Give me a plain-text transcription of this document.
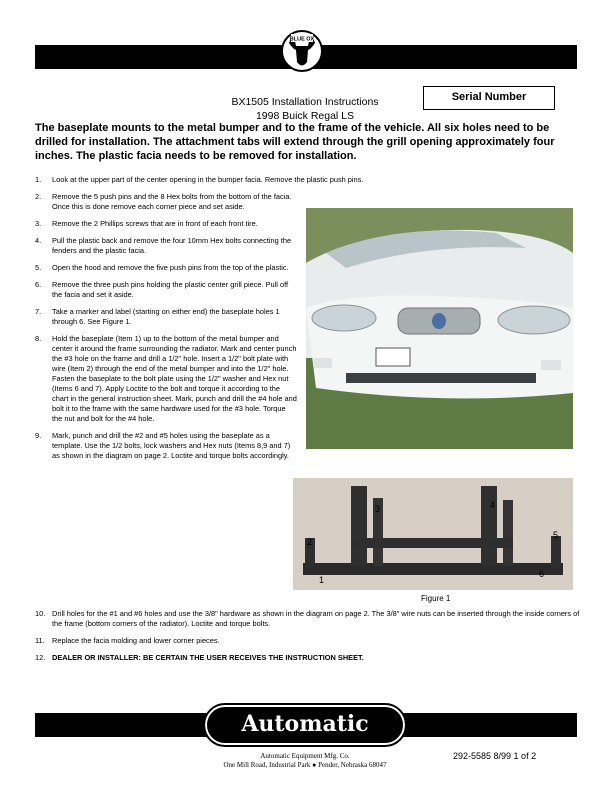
BLUE OX
BX1505 Installation Instructions
1998 Buick Regal LS
Serial Number
The baseplate mounts to the metal bumper and to the frame of the vehicle. All six holes need to be drilled for installation. The attachment tabs will extend through the grill opening approximately four inches. The plastic facia needs to be removed for installation.
1.	Look at the upper part of the center opening in the bumper facia. Remove the plastic push pins.
2.	Remove the 5 push pins and the 8 Hex bolts from the bottom of the facia. Once this is done remove each corner piece and set aside.
3.	Remove the 2 Phillips screws that are in front of each front tire.
4.	Pull the plastic back and remove the four 10mm Hex bolts connecting the fenders and the plastic facia.
5.	Open the hood and remove the five push pins from the top of the plastic.
6.	Remove the three push pins holding the plastic center grill piece. Pull off the facia and set it aside.
7.	Take a marker and label (starting on either end) the baseplate holes 1 through 6. See Figure 1.
8.	Hold the baseplate (Item 1) up to the bottom of the metal bumper and center it around the frame surrounding the radiator. Mark and center punch the #3 hole on the frame and drill a 1/2" hole. Insert a 1/2" bolt plate with wire (Item 2) through the end of the metal bumper and into the 1/2" hole. Fasten the baseplate to the bolt plate using the 1/2" washer and Hex nut (Items 6 and 7). Apply Loctite to the bolt and torque it according to the chart in the general instruction sheet. Mark, punch and drill the #4 hole and bolt it to the frame with the same hardware used for the #3 hole. Torque the nut and bolt for the #4 hole.
9.	Mark, punch and drill the #2 and #5 holes using the baseplate as a template. Use the 1/2 bolts, lock washers and Hex nuts (Items 8,9 and 7) as shown in the diagram on page 2. Loctite and torque bolts accordingly.
10. Drill holes for the #1 and #6 holes and use the 3/8" hardware as shown in the diagram on page 2. The 3/8" wire nuts can be inserted through the inside corners of the frame (bottom corners of the radiator). Loctite and torque bolts.
11. Replace the facia molding and lower corner pieces.
12. DEALER OR INSTALLER: BE CERTAIN THE USER RECEIVES THE INSTRUCTION SHEET.
1
2
3	4
5
6
Figure 1
Automatic
Automatic Equipment Mfg. Co.
One Mill Road, Industrial Park ● Pender, Nebraska 68047
292-5585 8/99 1 of 2
